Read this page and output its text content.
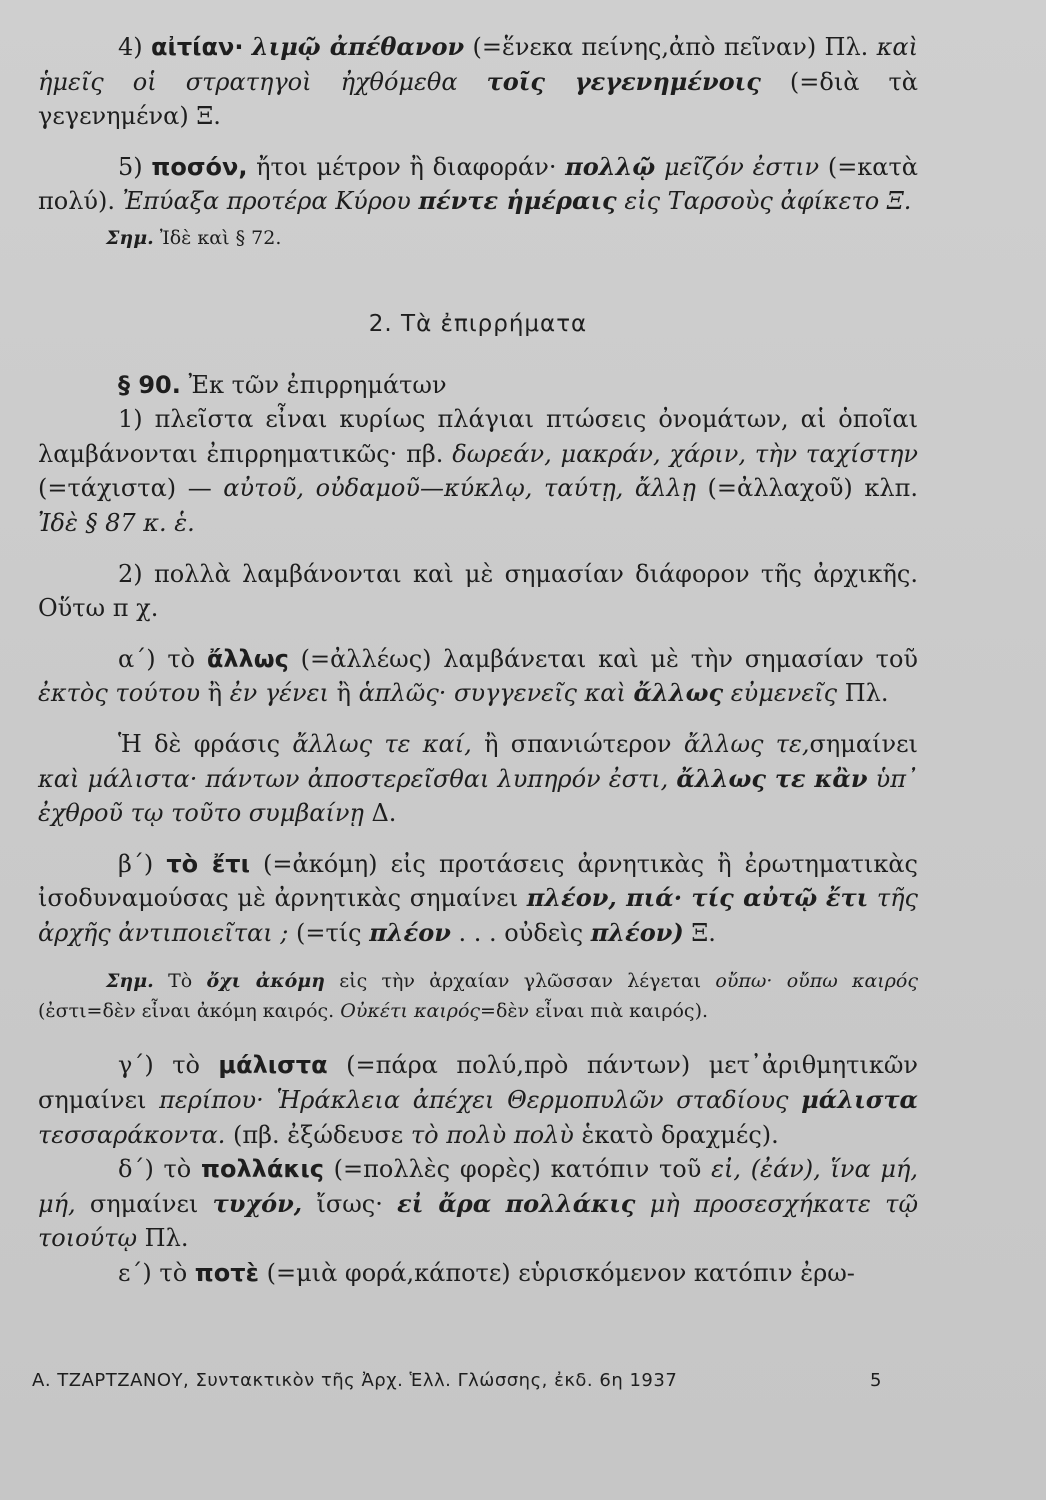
4) αἰτίαν· λιμῷ ἀπέθανον (=ἕνεκα πείνης,ἀπὸ πεῖναν) Πλ. καὶ ἡμεῖς οἱ στρατηγοὶ ἠχθόμεθα τοῖς γεγενημένοις (=διὰ τὰ γεγενημένα) Ξ.

5) ποσόν, ἤτοι μέτρον ἢ διαφοράν· πολλῷ μεῖζόν ἐστιν (=κατὰ πολύ). Ἐπύαξα προτέρα Κύρου πέντε ἡμέραις εἰς Ταρσοὺς ἀφίκετο Ξ.

Σημ. Ἰδὲ καὶ § 72.

2. Τὰ ἐπιρρήματα

§ 90. Ἐκ τῶν ἐπιρρημάτων

1) πλεῖστα εἶναι κυρίως πλάγιαι πτώσεις ὀνομάτων, αἱ ὁποῖαι λαμβάνονται ἐπιρρηματικῶς· πβ. δωρεάν, μακράν, χάριν, τὴν ταχίστην (=τάχιστα) — αὐτοῦ, οὐδαμοῦ—κύκλῳ, ταύτῃ, ἄλλῃ (=ἀλλαχοῦ) κλπ. Ἰδὲ § 87 κ. ἑ.

2) πολλὰ λαμβάνονται καὶ μὲ σημασίαν διάφορον τῆς ἀρχικῆς. Οὕτω π χ.

α΄) τὸ ἄλλως (=ἀλλέως) λαμβάνεται καὶ μὲ τὴν σημασίαν τοῦ ἐκτὸς τούτου ἢ ἐν γένει ἢ ἁπλῶς· συγγενεῖς καὶ ἄλλως εὐμενεῖς Πλ.

Ἡ δὲ φράσις ἄλλως τε καί, ἢ σπανιώτερον ἄλλως τε,σημαίνει καὶ μάλιστα· πάντων ἀποστερεῖσθαι λυπηρόν ἐστι, ἄλλως τε κἂν ὑπ᾽ ἐχθροῦ τῳ τοῦτο συμβαίνῃ Δ.

β΄) τὸ ἔτι (=ἀκόμη) εἰς προτάσεις ἀρνητικὰς ἢ ἐρωτηματικὰς ἰσοδυναμούσας μὲ ἀρνητικὰς σημαίνει πλέον, πιά· τίς αὐτῷ ἔτι τῆς ἀρχῆς ἀντιποιεῖται ; (=τίς πλέον . . . οὐδεὶς πλέον) Ξ.

Σημ. Τὸ ὄχι ἀκόμη εἰς τὴν ἀρχαίαν γλῶσσαν λέγεται οὔπω· οὔπω καιρός (ἐστι=δὲν εἶναι ἀκόμη καιρός. Οὐκέτι καιρός=δὲν εἶναι πιὰ καιρός).

γ΄) τὸ μάλιστα (=πάρα πολύ,πρὸ πάντων) μετ᾽ἀριθμητικῶν σημαίνει περίπου· Ἡράκλεια ἀπέχει Θερμοπυλῶν σταδίους μάλιστα τεσσαράκοντα. (πβ. ἐξώδευσε τὸ πολὺ πολὺ ἑκατὸ δραχμές).

δ΄) τὸ πολλάκις (=πολλὲς φορὲς) κατόπιν τοῦ εἰ, (ἐάν), ἵνα μή, μή, σημαίνει τυχόν, ἴσως· εἰ ἄρα πολλάκις μὴ προσεσχήκατε τῷ τοιούτῳ Πλ.

ε΄) τὸ ποτὲ (=μιὰ φορά,κάποτε) εὑρισκόμενον κατόπιν ἐρω-

Α. ΤΖΑΡΤΖΑΝΟΥ, Συντακτικὸν τῆς Ἀρχ. Ἑλλ. Γλώσσης, ἐκδ. 6η 1937	5
